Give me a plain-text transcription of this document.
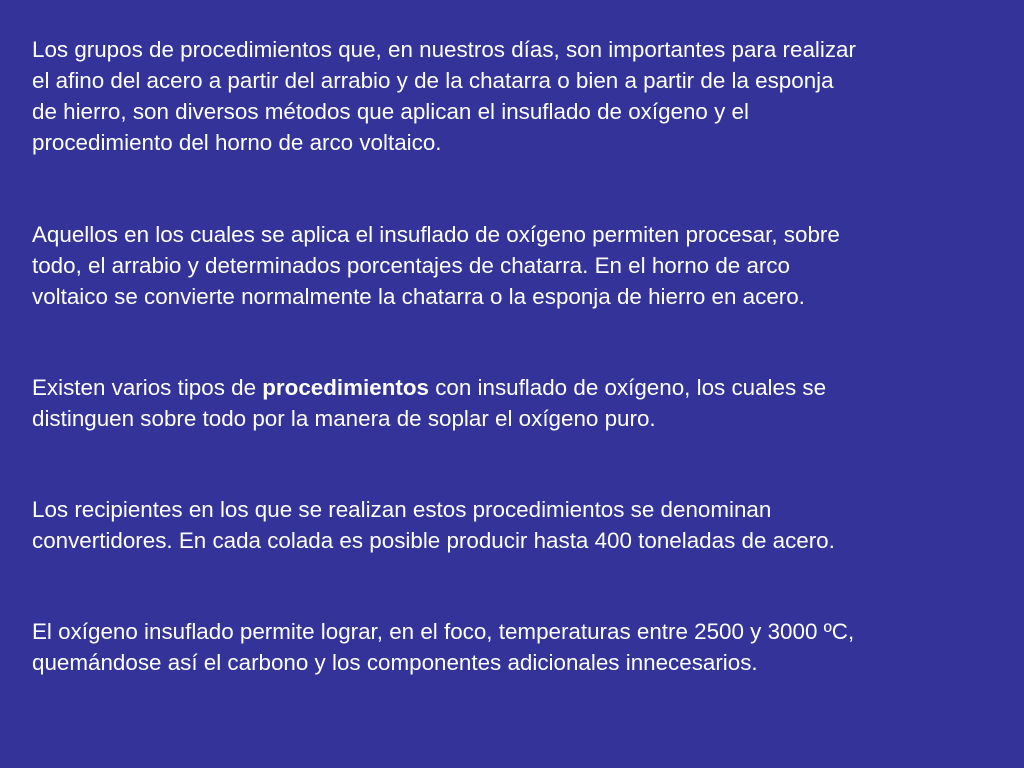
Los grupos de procedimientos que, en nuestros días, son importantes para realizar
el afino del acero a partir del arrabio y de la chatarra o bien a partir de la esponja
de hierro, son diversos métodos que aplican el insuflado de oxígeno y el
procedimiento del horno de arco voltaico.

Aquellos en los cuales se aplica el insuflado de oxígeno permiten procesar, sobre
todo, el arrabio y determinados porcentajes de chatarra. En el horno de arco
voltaico se convierte normalmente la chatarra o la esponja de hierro en acero.

Existen varios tipos de procedimientos con insuflado de oxígeno, los cuales se
distinguen sobre todo por la manera de soplar el oxígeno puro.

Los recipientes en los que se realizan estos procedimientos se denominan
convertidores. En cada colada es posible producir hasta 400 toneladas de acero.

El oxígeno insuflado permite lograr, en el foco, temperaturas entre 2500 y 3000 ºC,
quemándose así el carbono y los componentes adicionales innecesarios.
